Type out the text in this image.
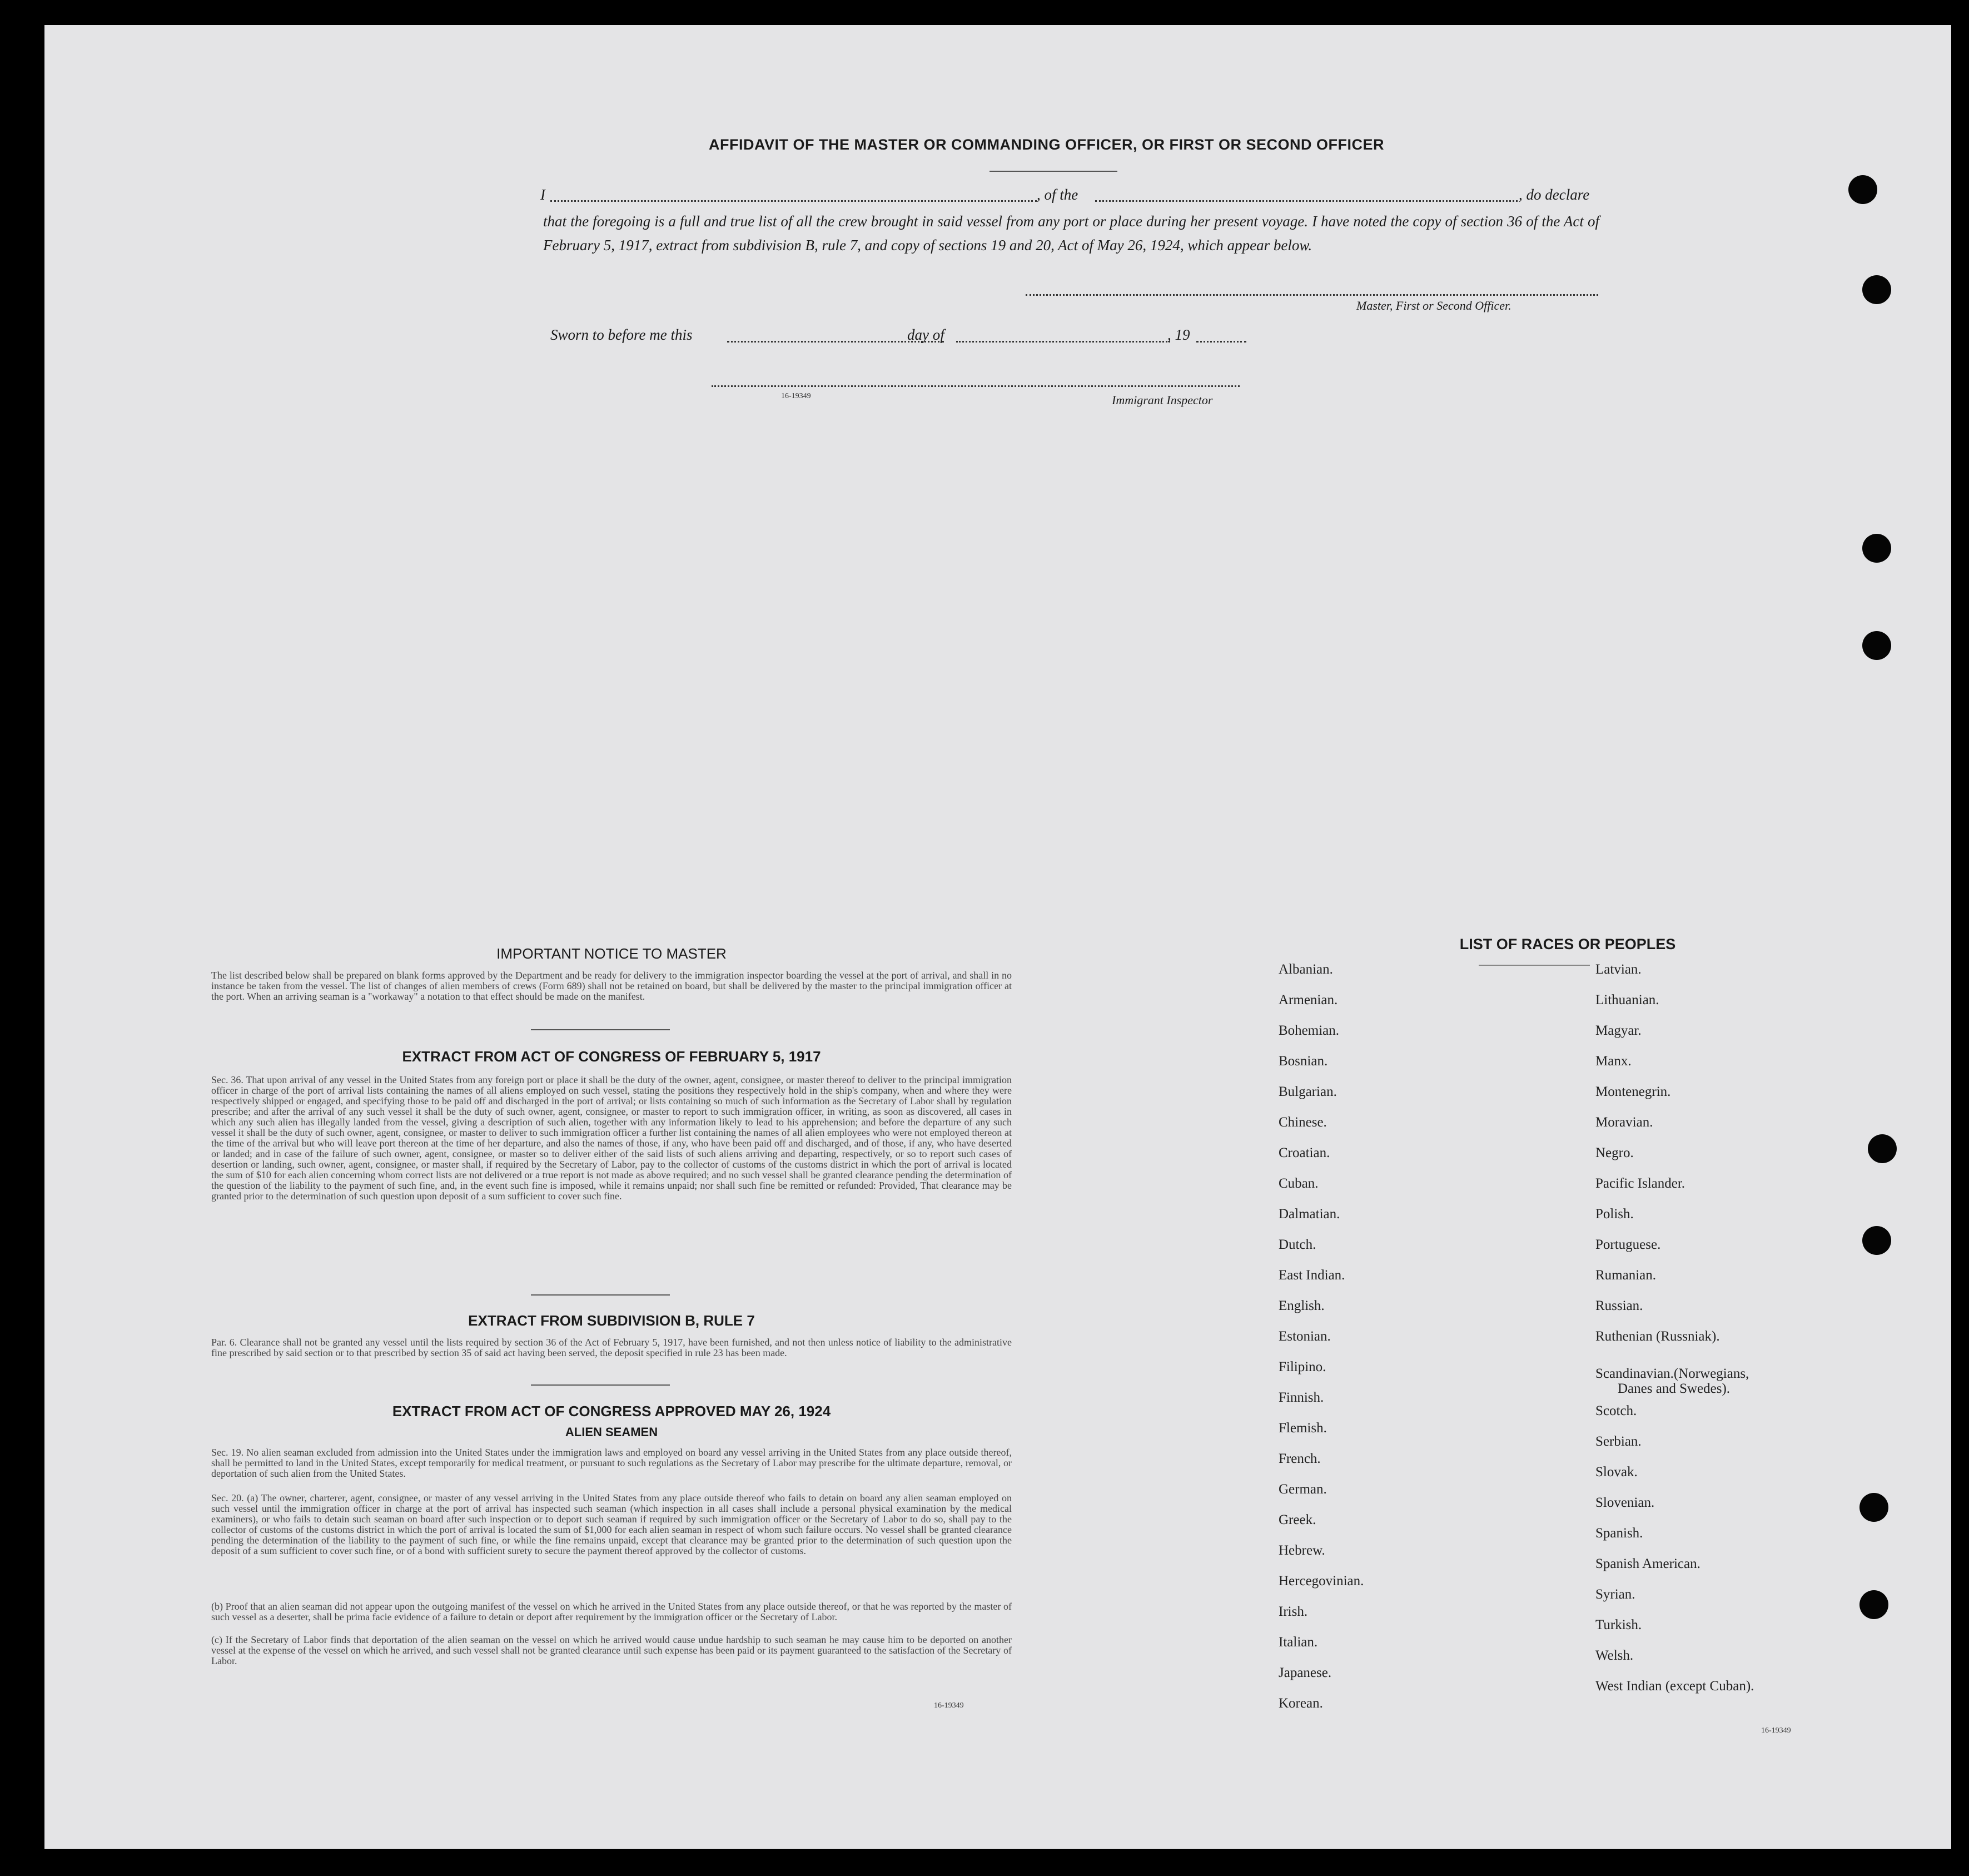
AFFIDAVIT OF THE MASTER OR COMMANDING OFFICER, OR FIRST OR SECOND OFFICER
I	, of the	, do declare
that the foregoing is a full and true list of all the crew brought in said vessel from any port or place during her present voyage. I have noted the copy of section 36 of the Act of February 5, 1917, extract from subdivision B, rule 7, and copy of sections 19 and 20, Act of May 26, 1924, which appear below.
Master, First or Second Officer.
Sworn to before me this	day of	, 19
16-19349	Immigrant Inspector
IMPORTANT NOTICE TO MASTER

The list described below shall be prepared on blank forms approved by the Department and be ready for delivery to the immigration inspector boarding the vessel at the port of arrival, and shall in no instance be taken from the vessel. The list of changes of alien members of crews (Form 689) shall not be retained on board, but shall be delivered by the master to the principal immigration officer at the port. When an arriving seaman is a "workaway" a notation to that effect should be made on the manifest.

EXTRACT FROM ACT OF CONGRESS OF FEBRUARY 5, 1917

Sec. 36. That upon arrival of any vessel in the United States from any foreign port or place it shall be the duty of the owner, agent, consignee, or master thereof to deliver to the principal immigration officer in charge of the port of arrival lists containing the names of all aliens employed on such vessel, stating the positions they respectively hold in the ship's company, when and where they were respectively shipped or engaged, and specifying those to be paid off and discharged in the port of arrival; or lists containing so much of such information as the Secretary of Labor shall by regulation prescribe; and after the arrival of any such vessel it shall be the duty of such owner, agent, consignee, or master to report to such immigration officer, in writing, as soon as discovered, all cases in which any such alien has illegally landed from the vessel, giving a description of such alien, together with any information likely to lead to his apprehension; and before the departure of any such vessel it shall be the duty of such owner, agent, consignee, or master to deliver to such immigration officer a further list containing the names of all alien employees who were not employed thereon at the time of the arrival but who will leave port thereon at the time of her departure, and also the names of those, if any, who have been paid off and discharged, and of those, if any, who have deserted or landed; and in case of the failure of such owner, agent, consignee, or master so to deliver either of the said lists of such aliens arriving and departing, respectively, or so to report such cases of desertion or landing, such owner, agent, consignee, or master shall, if required by the Secretary of Labor, pay to the collector of customs of the customs district in which the port of arrival is located the sum of $10 for each alien concerning whom correct lists are not delivered or a true report is not made as above required; and no such vessel shall be granted clearance pending the determination of the question of the liability to the payment of such fine, and, in the event such fine is imposed, while it remains unpaid; nor shall such fine be remitted or refunded: Provided, That clearance may be granted prior to the determination of such question upon deposit of a sum sufficient to cover such fine.

EXTRACT FROM SUBDIVISION B, RULE 7

Par. 6. Clearance shall not be granted any vessel until the lists required by section 36 of the Act of February 5, 1917, have been furnished, and not then unless notice of liability to the administrative fine prescribed by said section or to that prescribed by section 35 of said act having been served, the deposit specified in rule 23 has been made.

EXTRACT FROM ACT OF CONGRESS APPROVED MAY 26, 1924
ALIEN SEAMEN

Sec. 19. No alien seaman excluded from admission into the United States under the immigration laws and employed on board any vessel arriving in the United States from any place outside thereof, shall be permitted to land in the United States, except temporarily for medical treatment, or pursuant to such regulations as the Secretary of Labor may prescribe for the ultimate departure, removal, or deportation of such alien from the United States.

Sec. 20. (a) The owner, charterer, agent, consignee, or master of any vessel arriving in the United States from any place outside thereof who fails to detain on board any alien seaman employed on such vessel until the immigration officer in charge at the port of arrival has inspected such seaman (which inspection in all cases shall include a personal physical examination by the medical examiners), or who fails to detain such seaman on board after such inspection or to deport such seaman if required by such immigration officer or the Secretary of Labor to do so, shall pay to the collector of customs of the customs district in which the port of arrival is located the sum of $1,000 for each alien seaman in respect of whom such failure occurs. No vessel shall be granted clearance pending the determination of the liability to the payment of such fine, or while the fine remains unpaid, except that clearance may be granted prior to the determination of such question upon the deposit of a sum sufficient to cover such fine, or of a bond with sufficient surety to secure the payment thereof approved by the collector of customs.

(b) Proof that an alien seaman did not appear upon the outgoing manifest of the vessel on which he arrived in the United States from any place outside thereof, or that he was reported by the master of such vessel as a deserter, shall be prima facie evidence of a failure to detain or deport after requirement by the immigration officer or the Secretary of Labor.

(c) If the Secretary of Labor finds that deportation of the alien seaman on the vessel on which he arrived would cause undue hardship to such seaman he may cause him to be deported on another vessel at the expense of the vessel on which he arrived, and such vessel shall not be granted clearance until such expense has been paid or its payment guaranteed to the satisfaction of the Secretary of Labor.

16-19349
LIST OF RACES OR PEOPLES
Albanian.
Armenian.
Bohemian.
Bosnian.
Bulgarian.
Chinese.
Croatian.
Cuban.
Dalmatian.
Dutch.
East Indian.
English.
Estonian.
Filipino.
Finnish.
Flemish.
French.
German.
Greek.
Hebrew.
Hercegovinian.
Irish.
Italian.
Japanese.
Korean.
Latvian.
Lithuanian.
Magyar.
Manx.
Montenegrin.
Moravian.
Negro.
Pacific Islander.
Polish.
Portuguese.
Rumanian.
Russian.
Ruthenian (Russniak).
Scandinavian.(Norwegians,
Danes and Swedes).
Scotch.
Serbian.
Slovak.
Slovenian.
Spanish.
Spanish American.
Syrian.
Turkish.
Welsh.
West Indian (except Cuban).
16-19349
